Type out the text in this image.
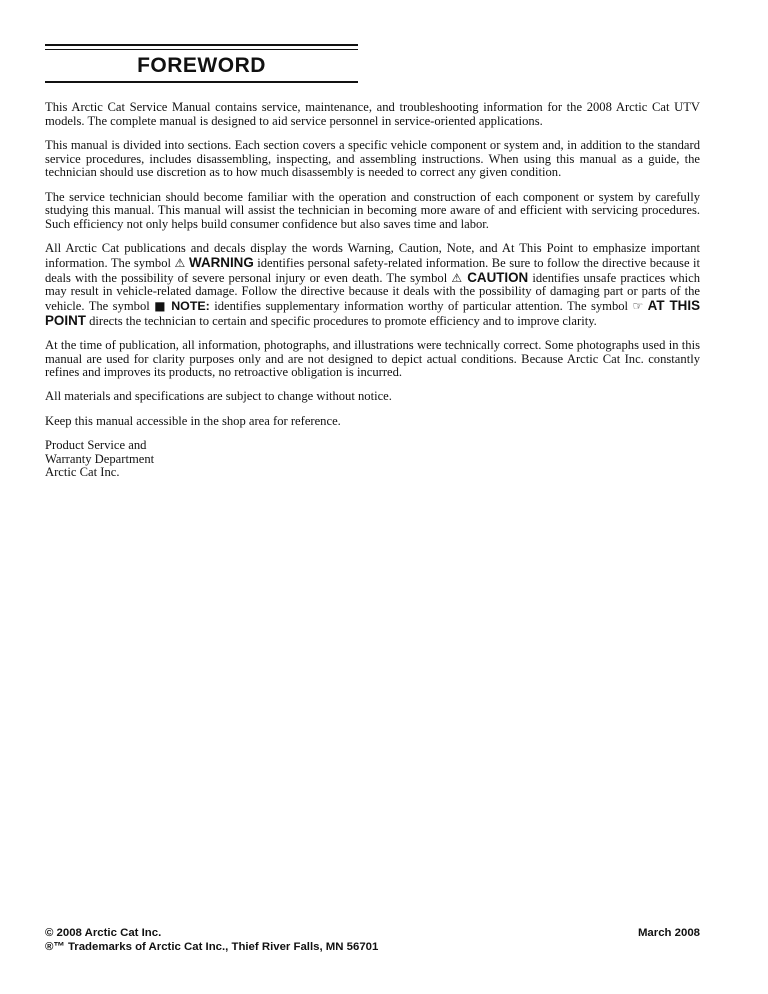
FOREWORD

This Arctic Cat Service Manual contains service, maintenance, and troubleshooting information for the 2008 Arctic Cat UTV models. The complete manual is designed to aid service personnel in service-oriented applications.

This manual is divided into sections. Each section covers a specific vehicle component or system and, in addition to the standard service procedures, includes disassembling, inspecting, and assembling instructions. When using this manual as a guide, the technician should use discretion as to how much disassembly is needed to correct any given condition.

The service technician should become familiar with the operation and construction of each component or system by carefully studying this manual. This manual will assist the technician in becoming more aware of and efficient with servicing procedures. Such efficiency not only helps build consumer confidence but also saves time and labor.

All Arctic Cat publications and decals display the words Warning, Caution, Note, and At This Point to emphasize important information. The symbol ⚠ WARNING identifies personal safety-related information. Be sure to follow the directive because it deals with the possibility of severe personal injury or even death. The symbol ⚠ CAUTION identifies unsafe practices which may result in vehicle-related damage. Follow the directive because it deals with the possibility of damaging part or parts of the vehicle. The symbol ■ NOTE: identifies supplementary information worthy of particular attention. The symbol ☞ AT THIS POINT directs the technician to certain and specific procedures to promote efficiency and to improve clarity.

At the time of publication, all information, photographs, and illustrations were technically correct. Some photographs used in this manual are used for clarity purposes only and are not designed to depict actual conditions. Because Arctic Cat Inc. constantly refines and improves its products, no retroactive obligation is incurred.

All materials and specifications are subject to change without notice.

Keep this manual accessible in the shop area for reference.

Product Service and
Warranty Department
Arctic Cat Inc.

© 2008 Arctic Cat Inc.
®™ Trademarks of Arctic Cat Inc., Thief River Falls, MN 56701
March 2008
